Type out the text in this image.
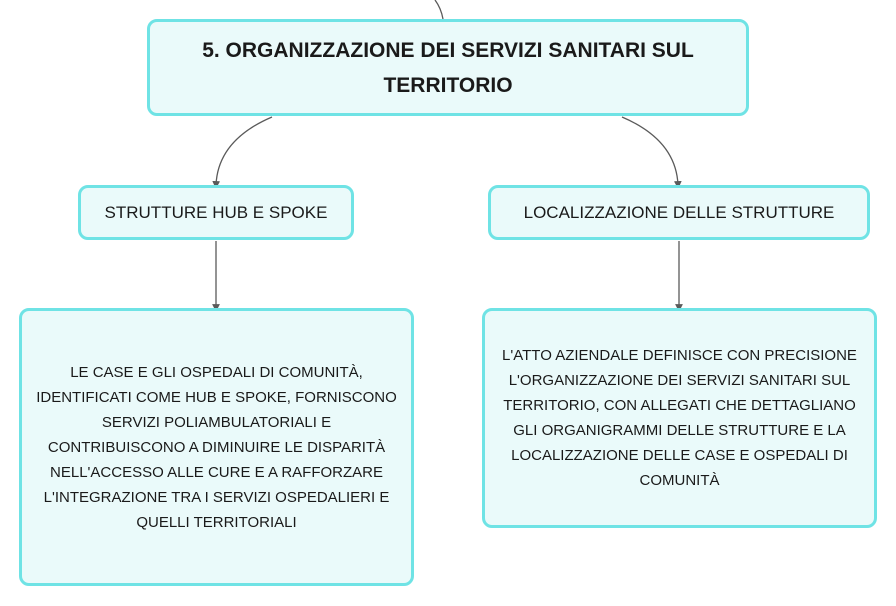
5. ORGANIZZAZIONE DEI SERVIZI SANITARI SUL TERRITORIO
STRUTTURE HUB E SPOKE	LOCALIZZAZIONE DELLE STRUTTURE
LE CASE E GLI OSPEDALI DI COMUNITÀ, IDENTIFICATI COME HUB E SPOKE, FORNISCONO SERVIZI POLIAMBULATORIALI E CONTRIBUISCONO A DIMINUIRE LE DISPARITÀ NELL'ACCESSO ALLE CURE E A RAFFORZARE L'INTEGRAZIONE TRA I SERVIZI OSPEDALIERI E QUELLI TERRITORIALI
L'ATTO AZIENDALE DEFINISCE CON PRECISIONE L'ORGANIZZAZIONE DEI SERVIZI SANITARI SUL TERRITORIO, CON ALLEGATI CHE DETTAGLIANO GLI ORGANIGRAMMI DELLE STRUTTURE E LA LOCALIZZAZIONE DELLE CASE E OSPEDALI DI COMUNITÀ
